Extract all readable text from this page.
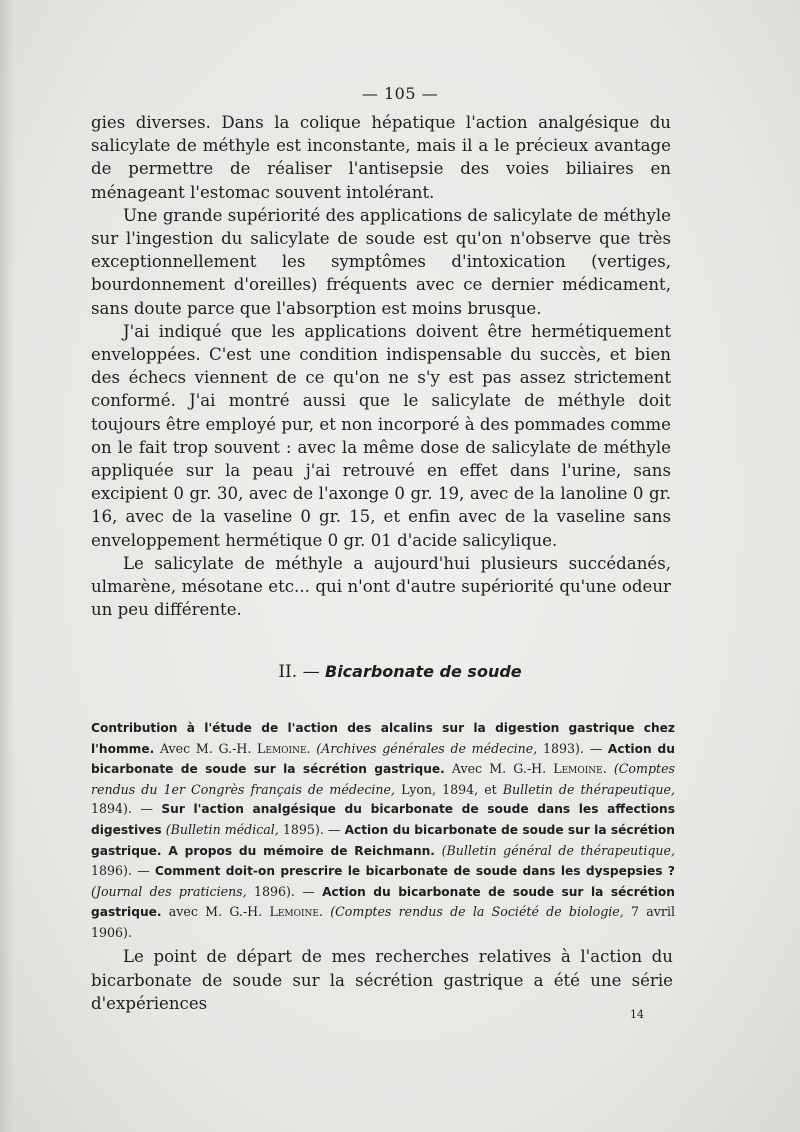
— 105 —

gies diverses. Dans la colique hépatique l'action analgésique du salicylate de méthyle est inconstante, mais il a le précieux avantage de permettre de réaliser l'antisepsie des voies biliaires en ménageant l'estomac souvent intolérant.

Une grande supériorité des applications de salicylate de méthyle sur l'ingestion du salicylate de soude est qu'on n'observe que très exceptionnellement les symptômes d'intoxication (vertiges, bourdonnement d'oreilles) fréquents avec ce dernier médicament, sans doute parce que l'absorption est moins brusque.

J'ai indiqué que les applications doivent être hermétiquement enveloppées. C'est une condition indispensable du succès, et bien des échecs viennent de ce qu'on ne s'y est pas assez strictement conformé. J'ai montré aussi que le salicylate de méthyle doit toujours être employé pur, et non incorporé à des pommades comme on le fait trop souvent : avec la même dose de salicylate de méthyle appliquée sur la peau j'ai retrouvé en effet dans l'urine, sans excipient 0 gr. 30, avec de l'axonge 0 gr. 19, avec de la lanoline 0 gr. 16, avec de la vaseline 0 gr. 15, et enfin avec de la vaseline sans enveloppement hermétique 0 gr. 01 d'acide salicylique.

Le salicylate de méthyle a aujourd'hui plusieurs succédanés, ulmarène, mésotane etc... qui n'ont d'autre supériorité qu'une odeur un peu différente.

II. — Bicarbonate de soude
Contribution à l'étude de l'action des alcalins sur la digestion gastrique chez l'homme. Avec M. G.-H. Lemoine. (Archives générales de médecine, 1893). — Action du bicarbonate de soude sur la sécrétion gastrique. Avec M. G.-H. Lemoine. (Comptes rendus du 1er Congrès français de médecine, Lyon, 1894, et Bulletin de thérapeutique, 1894). — Sur l'action analgésique du bicarbonate de soude dans les affections digestives (Bulletin médical, 1895). — Action du bicarbonate de soude sur la sécrétion gastrique. A propos du mémoire de Reichmann. (Bulletin général de thérapeutique, 1896). — Comment doit-on prescrire le bicarbonate de soude dans les dyspepsies ? (Journal des praticiens, 1896). — Action du bicarbonate de soude sur la sécrétion gastrique. avec M. G.-H. Lemoine. (Comptes rendus de la Société de biologie, 7 avril 1906).

Le point de départ de mes recherches relatives à l'action du bicarbonate de soude sur la sécrétion gastrique a été une série d'expériences

14
